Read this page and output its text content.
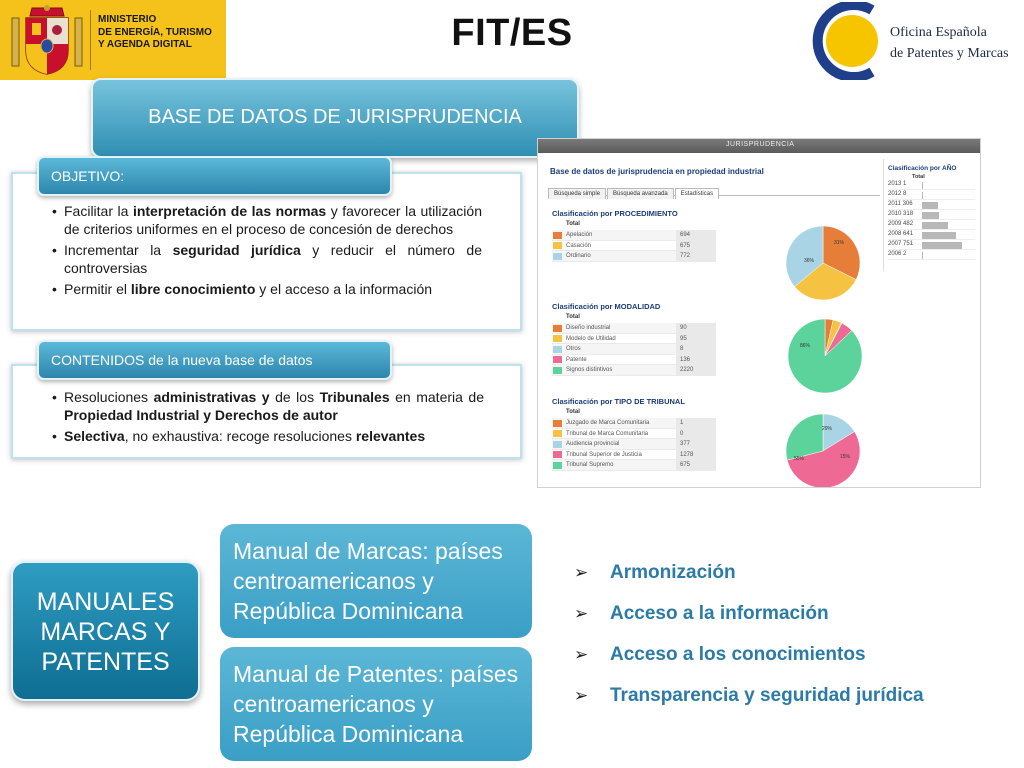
MINISTERIO
DE ENERGÍA, TURISMO
Y AGENDA DIGITAL	FIT/ES	Oficina Española
de Patentes y Marcas
BASE DE DATOS DE JURISPRUDENCIA
OBJETIVO:
• Facilitar la interpretación de las normas y favorecer la utilización de criterios uniformes en el proceso de concesión de derechos
• Incrementar la seguridad jurídica y reducir el número de controversias
• Permitir el libre conocimiento y el acceso a la información
CONTENIDOS de la nueva base de datos
• Resoluciones administrativas y de los Tribunales en materia de Propiedad Industrial y Derechos de autor
• Selectiva, no exhaustiva: recoge resoluciones relevantes
JURISPRUDENCIA
Base de datos de jurisprudencia en propiedad industrial
Búsqueda simple Búsqueda avanzada Estadísticas
Clasificación por PROCEDIMIENTO
Total
Apelación	694
Casación	675
Ordinario	772
31%
36%
Clasificación por MODALIDAD
Total
Diseño industrial	90
Modelo de Utilidad	95
Otros	8
Patente	136
Signos distintivos	2220
86%
Clasificación por TIPO DE TRIBUNAL
Total
Juzgado de Marca Comunitaria	1
Tribunal de Marca Comunitaria	0
Audiencia provincial	377
Tribunal Superior de Justicia	1278
Tribunal Supremo	675
29%
55%	15%
Clasificación por AÑO
Total
2013 1
2012 8
2011 306
2010 318
2009 482
2008 641
2007 751
2006 2
MANUALES MARCAS Y PATENTES
Manual de Marcas: países centroamericanos y República Dominicana
Manual de Patentes: países centroamericanos y República Dominicana
➢	Armonización
➢	Acceso a la información
➢	Acceso a los conocimientos
➢	Transparencia y seguridad jurídica
